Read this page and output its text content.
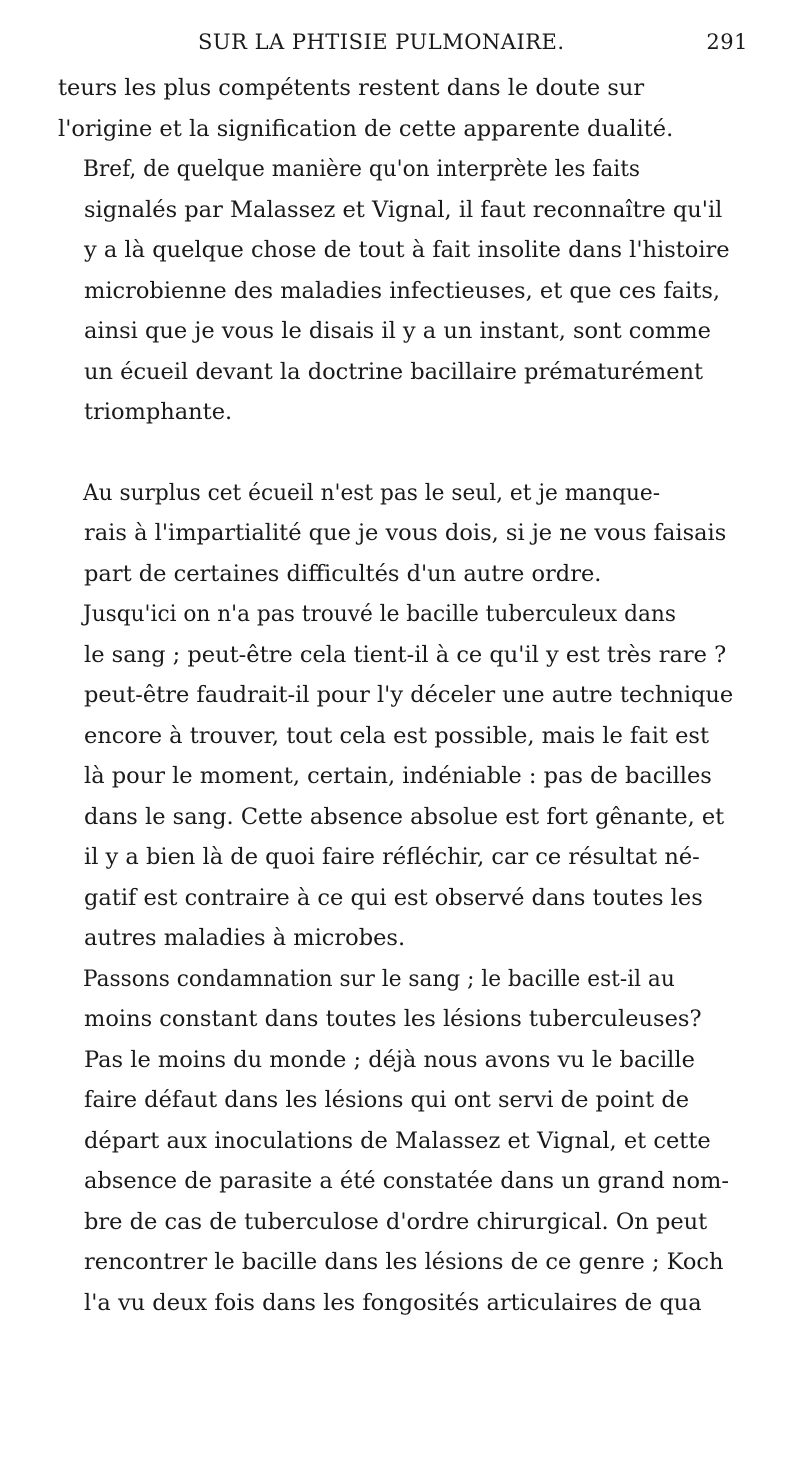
SUR LA PHTISIE PULMONAIRE.	291
teurs les plus compétents restent dans le doute sur
l'origine et la signification de cette apparente dualité.
Bref, de quelque manière qu'on interprète les faits
signalés par Malassez et Vignal, il faut reconnaître qu'il
y a là quelque chose de tout à fait insolite dans l'histoire
microbienne des maladies infectieuses, et que ces faits,
ainsi que je vous le disais il y a un instant, sont comme
un écueil devant la doctrine bacillaire prématurément
triomphante.
Au surplus cet écueil n'est pas le seul, et je manque-
rais à l'impartialité que je vous dois, si je ne vous faisais
part de certaines difficultés d'un autre ordre.
Jusqu'ici on n'a pas trouvé le bacille tuberculeux dans
le sang ; peut-être cela tient-il à ce qu'il y est très rare ?
peut-être faudrait-il pour l'y déceler une autre technique
encore à trouver, tout cela est possible, mais le fait est
là pour le moment, certain, indéniable : pas de bacilles
dans le sang. Cette absence absolue est fort gênante, et
il y a bien là de quoi faire réfléchir, car ce résultat né-
gatif est contraire à ce qui est observé dans toutes les
autres maladies à microbes.
Passons condamnation sur le sang ; le bacille est-il au
moins constant dans toutes les lésions tuberculeuses?
Pas le moins du monde ; déjà nous avons vu le bacille
faire défaut dans les lésions qui ont servi de point de
départ aux inoculations de Malassez et Vignal, et cette
absence de parasite a été constatée dans un grand nom-
bre de cas de tuberculose d'ordre chirurgical. On peut
rencontrer le bacille dans les lésions de ce genre ; Koch
l'a vu deux fois dans les fongosités articulaires de qua
